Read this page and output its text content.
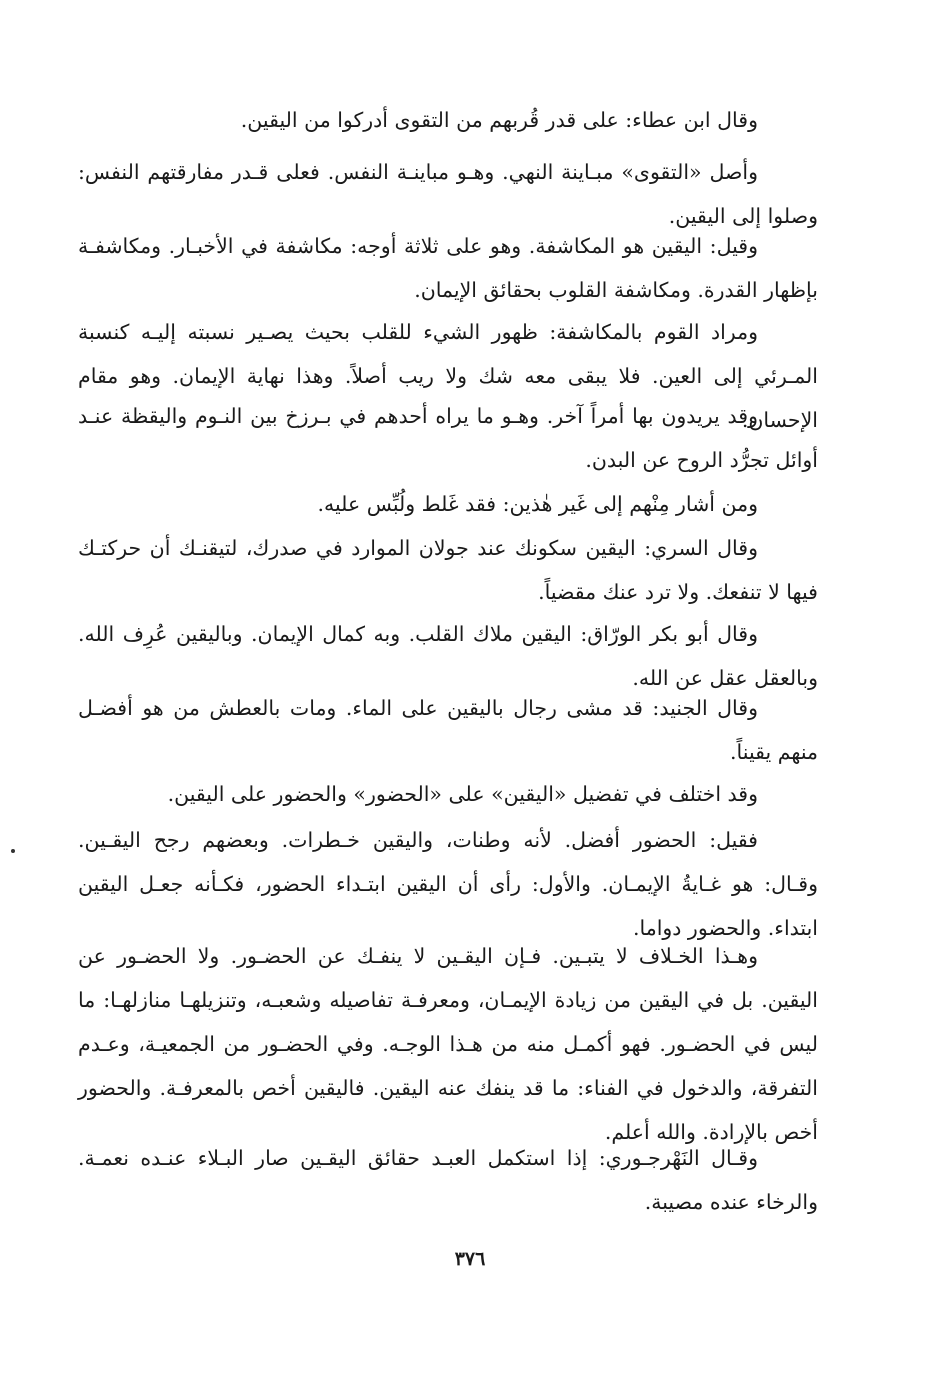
وقال ابن عطاء: على قدر قُربهم من التقوى أدركوا من اليقين.

وأصل «التقوى» مبـاينة النهي. وهـو مباينـة النفس. فعلى قـدر مفارقتهم النفس: وصلوا إلى اليقين.

وقيل: اليقين هو المكاشفة. وهو على ثلاثة أوجه: مكاشفة في الأخبـار. ومكاشفـة بإظهار القدرة. ومكاشفة القلوب بحقائق الإيمان.

ومراد القوم بالمكاشفة: ظهور الشيء للقلب بحيث يصـير نسبته إليـه كنسبة المـرئي إلى العين. فلا يبقى معه شك ولا ريب أصلاً. وهذا نهاية الإيمان. وهو مقام الإحسان.

وقد يريدون بها أمراً آخر. وهـو ما يراه أحدهم في بـرزخ بين النـوم واليقظة عنـد أوائل تجرُّد الروح عن البدن.

ومن أشار مِنْهم إلى غَير هٰذين: فقد غَلط ولُبِّس عليه.

وقال السري: اليقين سكونك عند جولان الموارد في صدرك، لتيقنـك أن حركتـك فيها لا تنفعك. ولا ترد عنك مقضياً.

وقال أبو بكر الورّاق: اليقين ملاك القلب. وبه كمال الإيمان. وباليقين عُرِف الله. وبالعقل عقل عن الله.

وقال الجنيد: قد مشى رجال باليقين على الماء. ومات بالعطش من هو أفضـل منهم يقيناً.

وقد اختلف في تفضيل «اليقين» على «الحضور» والحضور على اليقين.

فقيل: الحضور أفضل. لأنه وطنات، واليقين خـطرات. وبعضهم رجح اليقـين. وقـال: هو غـايةُ الإيمـان. والأول: رأى أن اليقين ابتـداء الحضور، فكـأنه جعـل اليقين ابتداء. والحضور دواما.

وهـذا الخـلاف لا يتبـين. فـإن اليقـين لا ينفـك عن الحضـور. ولا الحضـور عن اليقين. بل في اليقين من زيادة الإيمـان، ومعرفـة تفاصيله وشعبـه، وتنزيلهـا منازلهـا: ما ليس في الحضـور. فهو أكمـل منه من هـذا الوجـه. وفي الحضـور من الجمعيـة، وعـدم التفرقة، والدخول في الفناء: ما قد ينفك عنه اليقين. فاليقين أخص بالمعرفـة. والحضور أخص بالإرادة. والله أعلم.

وقـال النَهْرجـوري: إذا استكمل العبـد حقائق اليقـين صار البـلاء عنـده نعمـة. والرخاء عنده مصيبة.

٣٧٦
